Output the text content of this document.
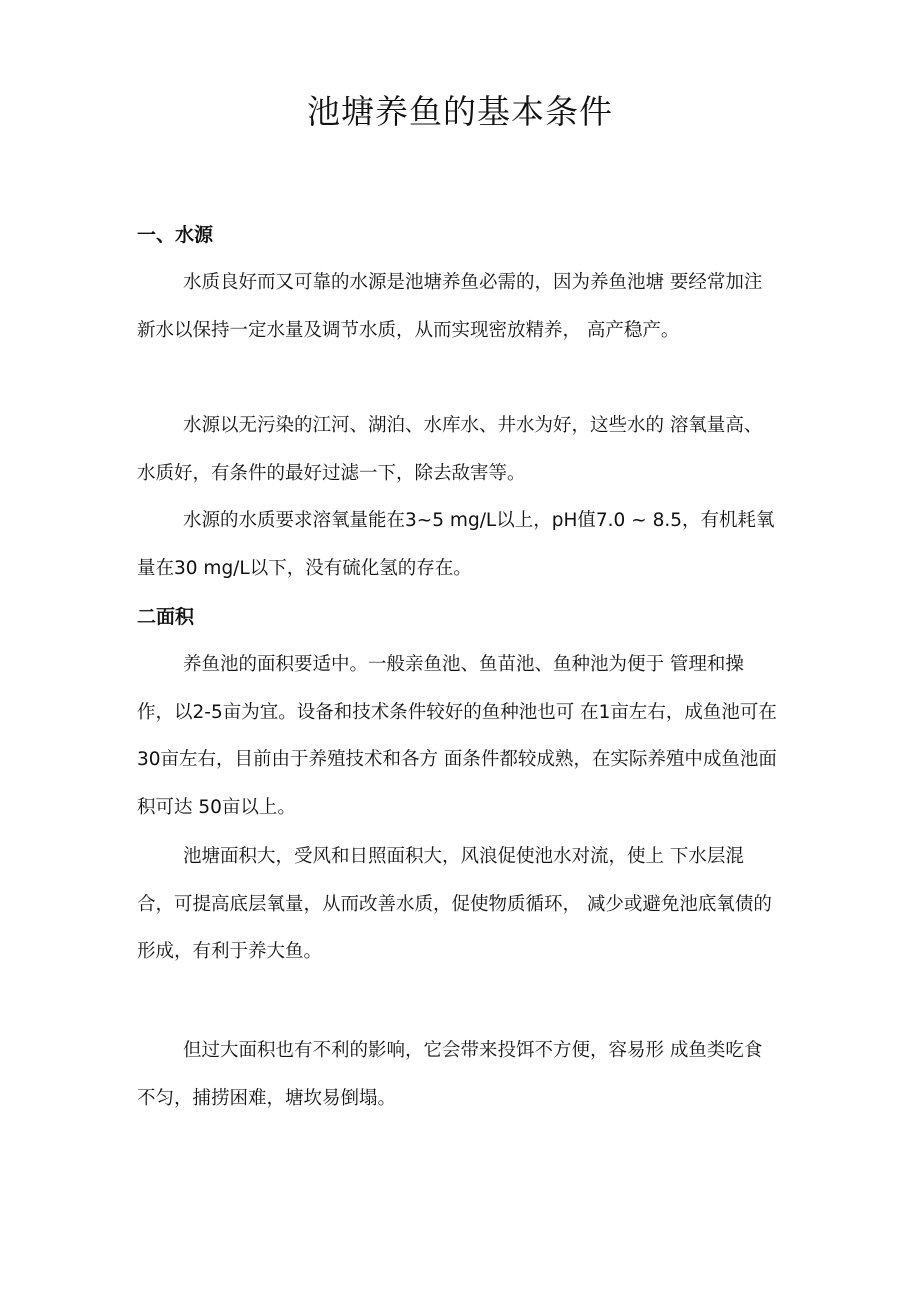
池塘养鱼的基本条件
一、水源

水质良好而又可靠的水源是池塘养鱼必需的，因为养鱼池塘 要经常加注新水以保持一定水量及调节水质，从而实现密放精养， 高产稳产。

水源以无污染的江河、湖泊、水库水、井水为好，这些水的 溶氧量高、水质好，有条件的最好过滤一下，除去敌害等。

水源的水质要求溶氧量能在3~5 mg/L以上，pH值7.0 ~ 8.5，有机耗氧量在30 mg/L以下，没有硫化氢的存在。

二面积

养鱼池的面积要适中。一般亲鱼池、鱼苗池、鱼种池为便于 管理和操作，以2-5亩为宜。设备和技术条件较好的鱼种池也可 在1亩左右，成鱼池可在30亩左右，目前由于养殖技术和各方 面条件都较成熟，在实际养殖中成鱼池面积可达 50亩以上。

池塘面积大，受风和日照面积大，风浪促使池水对流，使上 下水层混合，可提高底层氧量，从而改善水质，促使物质循环， 减少或避免池底氧债的形成，有利于养大鱼。

但过大面积也有不利的影响，它会带来投饵不方便，容易形 成鱼类吃食不匀，捕捞困难，塘坎易倒塌。
